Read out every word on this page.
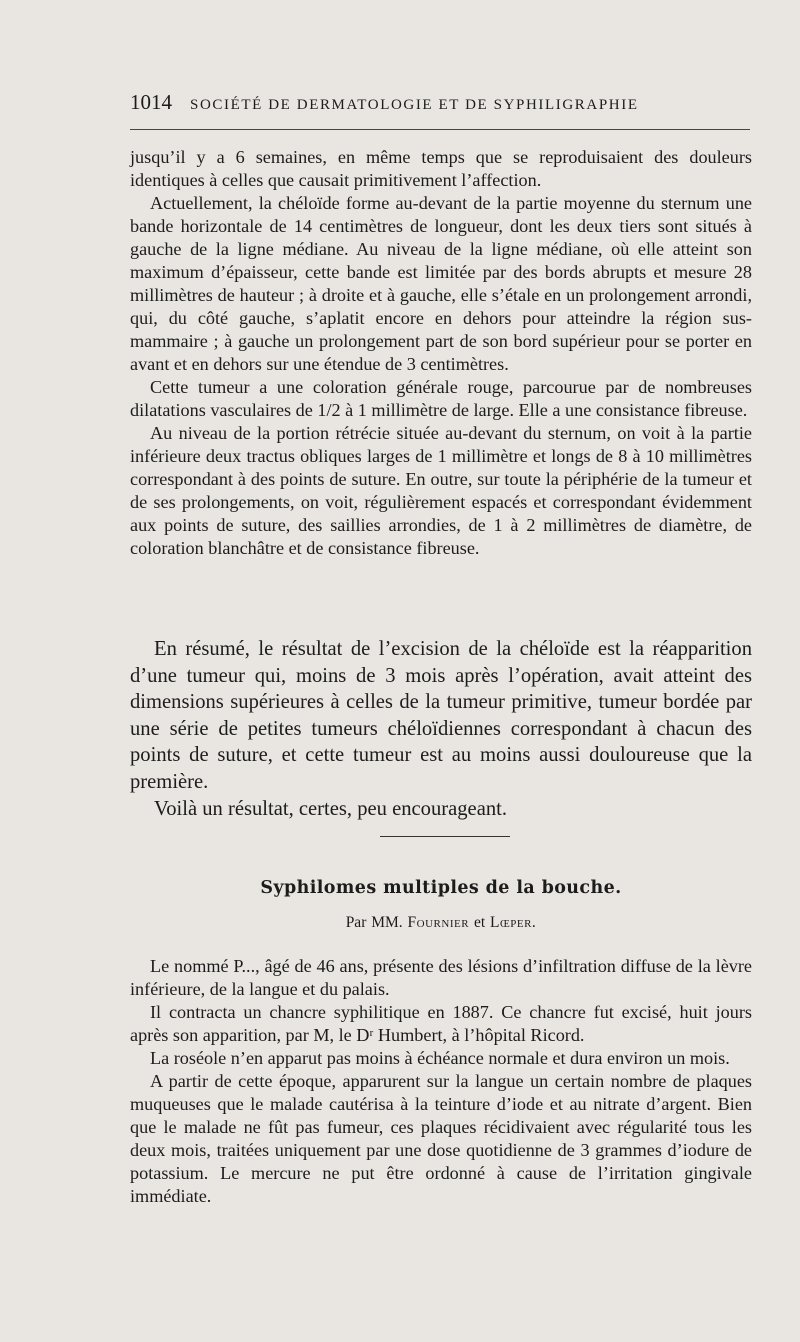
1014 SOCIÉTÉ DE DERMATOLOGIE ET DE SYPHILIGRAPHIE

jusqu’il y a 6 semaines, en même temps que se reproduisaient des douleurs identiques à celles que causait primitivement l’affection.

Actuellement, la chéloïde forme au-devant de la partie moyenne du sternum une bande horizontale de 14 centimètres de longueur, dont les deux tiers sont situés à gauche de la ligne médiane. Au niveau de la ligne médiane, où elle atteint son maximum d’épaisseur, cette bande est limitée par des bords abrupts et mesure 28 millimètres de hauteur ; à droite et à gauche, elle s’étale en un prolongement arrondi, qui, du côté gauche, s’aplatit encore en dehors pour atteindre la région sus-mammaire ; à gauche un prolongement part de son bord supérieur pour se porter en avant et en dehors sur une étendue de 3 centimètres.

Cette tumeur a une coloration générale rouge, parcourue par de nombreuses dilatations vasculaires de 1/2 à 1 millimètre de large. Elle a une consistance fibreuse.

Au niveau de la portion rétrécie située au-devant du sternum, on voit à la partie inférieure deux tractus obliques larges de 1 millimètre et longs de 8 à 10 millimètres correspondant à des points de suture. En outre, sur toute la périphérie de la tumeur et de ses prolongements, on voit, régulièrement espacés et correspondant évidemment aux points de suture, des saillies arrondies, de 1 à 2 millimètres de diamètre, de coloration blanchâtre et de consistance fibreuse.

En résumé, le résultat de l’excision de la chéloïde est la réapparition d’une tumeur qui, moins de 3 mois après l’opération, avait atteint des dimensions supérieures à celles de la tumeur primitive, tumeur bordée par une série de petites tumeurs chéloïdiennes correspondant à chacun des points de suture, et cette tumeur est au moins aussi douloureuse que la première.

Voilà un résultat, certes, peu encourageant.

Syphilomes multiples de la bouche.
Par MM. Fournier et Lœper.

Le nommé P..., âgé de 46 ans, présente des lésions d’infiltration diffuse de la lèvre inférieure, de la langue et du palais.

Il contracta un chancre syphilitique en 1887. Ce chancre fut excisé, huit jours après son apparition, par M, le Dʳ Humbert, à l’hôpital Ricord.

La roséole n’en apparut pas moins à échéance normale et dura environ un mois.

A partir de cette époque, apparurent sur la langue un certain nombre de plaques muqueuses que le malade cautérisa à la teinture d’iode et au nitrate d’argent. Bien que le malade ne fût pas fumeur, ces plaques récidivaient avec régularité tous les deux mois, traitées uniquement par une dose quotidienne de 3 grammes d’iodure de potassium. Le mercure ne put être ordonné à cause de l’irritation gingivale immédiate.
